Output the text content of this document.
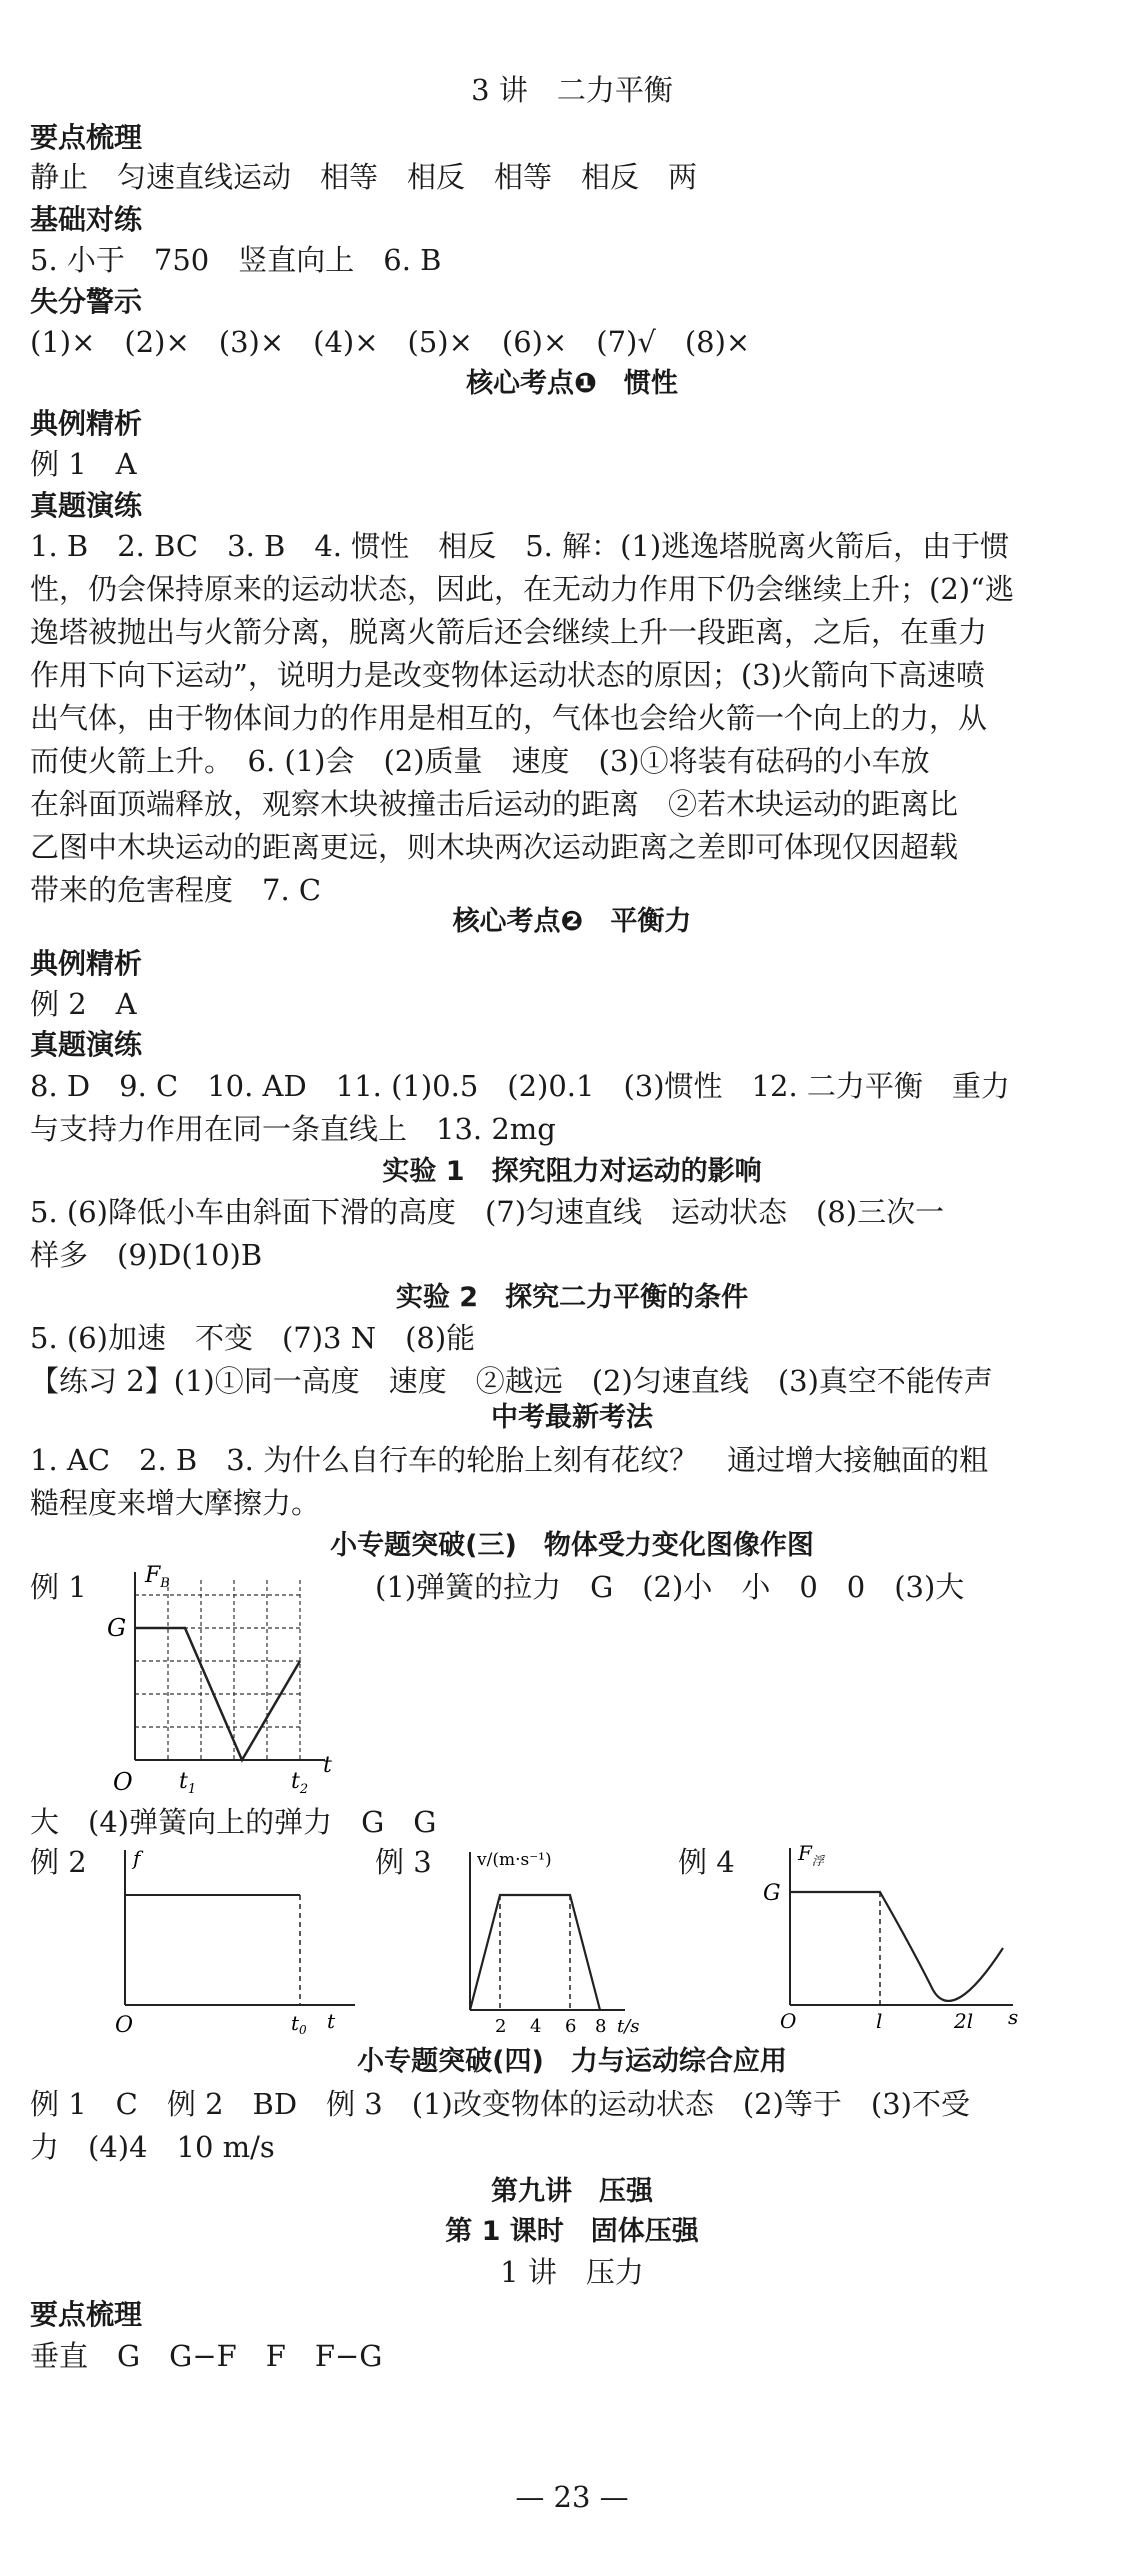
3 讲　二力平衡
要点梳理
静止　匀速直线运动　相等　相反　相等　相反　两
基础对练
5. 小于　750　竖直向上　6. B
失分警示
(1)×　(2)×　(3)×　(4)×　(5)×　(6)×　(7)√　(8)×
核心考点❶　惯性
典例精析
例 1　A
真题演练
1. B　2. BC　3. B　4. 惯性　相反　5. 解：(1)逃逸塔脱离火箭后，由于惯
性，仍会保持原来的运动状态，因此，在无动力作用下仍会继续上升；(2)“逃
逸塔被抛出与火箭分离，脱离火箭后还会继续上升一段距离，之后，在重力
作用下向下运动”，说明力是改变物体运动状态的原因；(3)火箭向下高速喷
出气体，由于物体间力的作用是相互的，气体也会给火箭一个向上的力，从
而使火箭上升。　6. (1)会　(2)质量　速度　(3)①将装有砝码的小车放
在斜面顶端释放，观察木块被撞击后运动的距离　②若木块运动的距离比
乙图中木块运动的距离更远，则木块两次运动距离之差即可体现仅因超载
带来的危害程度　7. C
核心考点❷　平衡力
典例精析
例 2　A
真题演练
8. D　9. C　10. AD　11. (1)0.5　(2)0.1　(3)惯性　12. 二力平衡　重力
与支持力作用在同一条直线上　13. 2mg
实验 1　探究阻力对运动的影响
5. (6)降低小车由斜面下滑的高度　(7)匀速直线　运动状态　(8)三次一
样多　(9)D(10)B
实验 2　探究二力平衡的条件
5. (6)加速　不变　(7)3 N　(8)能
【练习 2】(1)①同一高度　速度　②越远　(2)匀速直线　(3)真空不能传声
中考最新考法
1. AC　2. B　3. 为什么自行车的轮胎上刻有花纹？　通过增大接触面的粗
糙程度来增大摩擦力。
小专题突破(三)　物体受力变化图像作图
例 1	(1)弹簧的拉力　G　(2)小　小　0　0　(3)大
$F_B$
G
O $t_1$	$t_2$
t
大　(4)弹簧向上的弹力　G　G
例 2	例 3	例 4
f
O	$t_0$ t
v/(m·s⁻¹)
2 4 6 8 t/s
$F_浮$
G
O	l	2l s
小专题突破(四)　力与运动综合应用
例 1　C　例 2　BD　例 3　(1)改变物体的运动状态　(2)等于　(3)不受
力　(4)4　10 m/s
第九讲　压强
第 1 课时　固体压强
1 讲　压力
要点梳理
垂直　G　G−F　F　F−G
— 23 —
